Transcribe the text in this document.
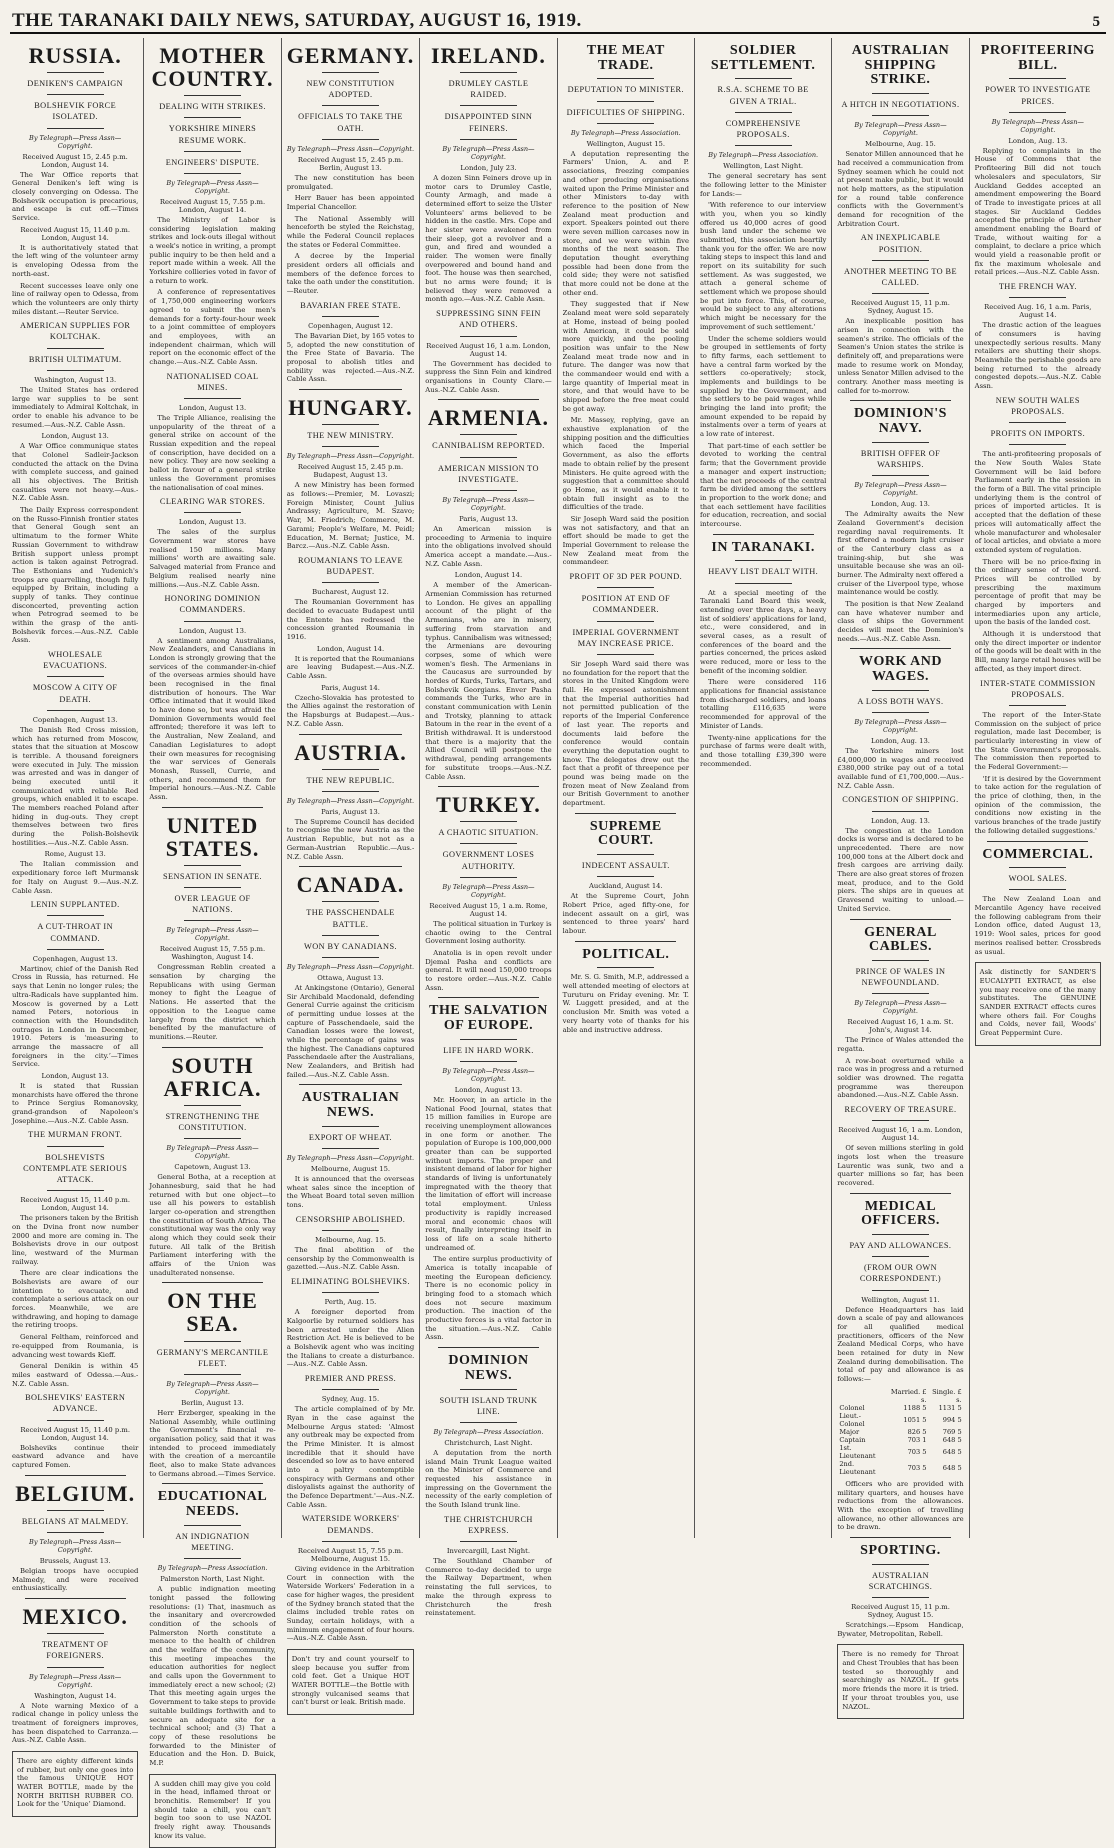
THE TARANAKI DAILY NEWS, SATURDAY, AUGUST 16, 1919.	5
RUSSIA.
DENIKEN'S CAMPAIGN
BOLSHEVIK FORCE ISOLATED.

By Telegraph—Press Assn—Copyright.

Received August 15, 2.45 p.m. London, August 14.

The War Office reports that General Deniken's left wing is closely converging on Odessa. The Bolshevik occupation is precarious, and escape is cut off.—Times Service.

Received August 15, 11.40 p.m. London, August 14.

It is authoritatively stated that the left wing of the volunteer army is enveloping Odessa from the north-east.

Recent successes leave only one line of railway open to Odessa, from which the volunteers are only thirty miles distant.—Reuter Service.

AMERICAN SUPPLIES FOR KOLTCHAK.
BRITISH ULTIMATUM.

Washington, August 13.

The United States has ordered large war supplies to be sent immediately to Admiral Koltchak, in order to enable his advance to be resumed.—Aus.-N.Z. Cable Assn.

London, August 13.

A War Office communique states that Colonel Sadleir-Jackson conducted the attack on the Dvina with complete success, and gained all his objectives. The British casualties were not heavy.—Aus.-N.Z. Cable Assn.

The Daily Express correspondent on the Russo-Finnish frontier states that General Gough sent an ultimatum to the former White Russian Government to withdraw British support unless prompt action is taken against Petrograd. The Esthonians and Yudenich's troops are quarrelling, though fully equipped by Britain, including a supply of tanks. They continue disconcerted, preventing action when Petrograd seemed to be within the grasp of the anti-Bolshevik forces.—Aus.-N.Z. Cable Assn.

WHOLESALE EVACUATIONS.
MOSCOW A CITY OF DEATH.

Copenhagen, August 13.

The Danish Red Cross mission, which has returned from Moscow, states that the situation at Moscow is terrible. A thousand foreigners were executed in July. The mission was arrested and was in danger of being executed until it communicated with reliable Red groups, which enabled it to escape. The members reached Poland after hiding in dug-outs. They crept themselves between two fires during the Polish-Bolshevik hostilities.—Aus.-N.Z. Cable Assn.

Rome, August 13.

The Italian commission and expeditionary force left Murmansk for Italy on August 9.—Aus.-N.Z. Cable Assn.

LENIN SUPPLANTED.
A CUT-THROAT IN COMMAND.

Copenhagen, August 13.

Martinov, chief of the Danish Red Cross in Russia, has returned. He says that Lenin no longer rules; the ultra-Radicals have supplanted him. Moscow is governed by a Lett named Peters, notorious in connection with the Houndsditch outrages in London in December, 1910. Peters is ‘measuring to arrange the massacre of all foreigners in the city.’—Times Service.

London, August 13.

It is stated that Russian monarchists have offered the throne to Prince Sergius Romanovsky, grand-grandson of Napoleon's Josephine.—Aus.-N.Z. Cable Assn.

THE MURMAN FRONT.
BOLSHEVISTS CONTEMPLATE SERIOUS ATTACK.

Received August 15, 11.40 p.m. London, August 14.

The prisoners taken by the British on the Dvina front now number 2000 and more are coming in. The Bolshevists drove in our outpost line, westward of the Murman railway.

There are clear indications the Bolshevists are aware of our intention to evacuate, and contemplate a serious attack on our forces. Meanwhile, we are withdrawing, and hoping to damage the retiring troops.

General Feltham, reinforced and re-equipped from Roumania, is advancing west towards Kieff.

General Denikin is within 45 miles eastward of Odessa.—Aus.-N.Z. Cable Assn.

BOLSHEVIKS' EASTERN ADVANCE.

Received August 15, 11.40 p.m. London, August 14.

Bolsheviks continue their eastward advance and have captured Fomen.

BELGIUM.
BELGIANS AT MALMEDY.

By Telegraph—Press Assn—Copyright.

Brussels, August 13.

Belgian troops have occupied Malmedy, and were received enthusiastically.

MEXICO.
TREATMENT OF FOREIGNERS.

By Telegraph—Press Assn—Copyright.

Washington, August 14.

A Note warning Mexico of a radical change in policy unless the treatment of foreigners improves, has been dispatched to Carranza.—Aus.-N.Z. Cable Assn.

There are eighty different kinds of rubber, but only one goes into the famous UNIQUE HOT WATER BOTTLE, made by the NORTH BRITISH RUBBER CO. Look for the ‘Unique’ Diamond.

MOTHER COUNTRY.
DEALING WITH STRIKES.
YORKSHIRE MINERS RESUME WORK.
ENGINEERS' DISPUTE.

By Telegraph—Press Assn—Copyright.

Received August 15, 7.55 p.m. London, August 14.

The Ministry of Labor is considering legislation making strikes and lock-outs illegal without a week's notice in writing, a prompt public inquiry to be then held and a report made within a week. All the Yorkshire collieries voted in favor of a return to work.

A conference of representatives of 1,750,000 engineering workers agreed to submit the men's demands for a forty-four-hour week to a joint committee of employers and employees, with an independent chairman, which will report on the economic effect of the change.—Aus.-N.Z. Cable Assn.

NATIONALISED COAL MINES.

London, August 13.

The Triple Alliance, realising the unpopularity of the threat of a general strike on account of the Russian expedition and the repeal of conscription, have decided on a new policy. They are now seeking a ballot in favour of a general strike unless the Government promises the nationalisation of coal mines.

CLEARING WAR STORES.

London, August 13.

The sales of the surplus Government war stores have realised 150 millions. Many millions' worth are awaiting sale. Salvaged material from France and Belgium realised nearly nine millions.—Aus.-N.Z. Cable Assn.

HONORING DOMINION COMMANDERS.

London, August 13.

A sentiment among Australians, New Zealanders, and Canadians in London is strongly growing that the services of the commander-in-chief of the overseas armies should have been recognised in the final distribution of honours. The War Office intimated that it would liked to have done so, but was afraid the Dominion Governments would feel affronted; therefore it was left to the Australian, New Zealand, and Canadian Legislatures to adopt their own measures for recognising the war services of Generals Monash, Russell, Currie, and others, and recommend them for Imperial honours.—Aus.-N.Z. Cable Assn.

UNITED STATES.
SENSATION IN SENATE.
OVER LEAGUE OF NATIONS.

By Telegraph—Press Assn—Copyright.

Received August 15, 7.55 p.m. Washington, August 14.

Congressman Reblin created a sensation by charging the Republicans with using German money to fight the League of Nations. He asserted that the opposition to the League came largely from the district which benefited by the manufacture of munitions.—Reuter.

SOUTH AFRICA.
STRENGTHENING THE CONSTITUTION.

By Telegraph—Press Assn—Copyright.

Capetown, August 13.

General Botha, at a reception at Johannesburg, said that he had returned with but one object—to use all his powers to establish larger co-operation and strengthen the constitution of South Africa. The constitutional way was the only way along which they could seek their future. All talk of the British Parliament interfering with the affairs of the Union was unadulterated nonsense.

ON THE SEA.
GERMANY'S MERCANTILE FLEET.

By Telegraph—Press Assn—Copyright.

Berlin, August 13.

Herr Erzberger, speaking in the National Assembly, while outlining the Government's financial re-organisation policy, said that it was intended to proceed immediately with the creation of a mercantile fleet, also to make State advances to Germans abroad.—Times Service.

EDUCATIONAL NEEDS.
AN INDIGNATION MEETING.

By Telegraph—Press Association.

Palmerston North, Last Night.

A public indignation meeting tonight passed the following resolutions: (1) That, inasmuch as the insanitary and overcrowded condition of the schools of Palmerston North constitute a menace to the health of children and the welfare of the community, this meeting impeaches the education authorities for neglect and calls upon the Government to immediately erect a new school; (2) That this meeting again urges the Government to take steps to provide suitable buildings forthwith and to secure an adequate site for a technical school; and (3) That a copy of these resolutions be forwarded to the Minister of Education and the Hon. D. Buick, M.P.

A sudden chill may give you cold in the head, inflamed throat or bronchitis. Remember! If you should take a chill, you can't begin too soon to use NAZOL freely right away. Thousands know its value.

GERMANY.
NEW CONSTITUTION ADOPTED.
OFFICIALS TO TAKE THE OATH.

By Telegraph—Press Assn—Copyright.

Received August 15, 2.45 p.m. Berlin, August 13.

The new constitution has been promulgated.

Herr Bauer has been appointed Imperial Chancellor.

The National Assembly will henceforth be styled the Reichstag, while the Federal Council replaces the states or Federal Committee.

A decree by the Imperial president orders all officials and members of the defence forces to take the oath under the constitution.—Reuter.

BAVARIAN FREE STATE.

Copenhagen, August 12.

The Bavarian Diet, by 165 votes to 5, adopted the new constitution of the Free State of Bavaria. The proposal to abolish titles and nobility was rejected.—Aus.-N.Z. Cable Assn.

HUNGARY.
THE NEW MINISTRY.

By Telegraph—Press Assn—Copyright.

Received August 15, 2.45 p.m. Budapest, August 13.

A new Ministry has been formed as follows:—Premier, M. Lovaszi; Foreign Minister, Count Julius Andrassy; Agriculture, M. Szavo; War, M. Friedrich; Commerce, M. Garami; People's Welfare, M. Peidl; Education, M. Bernat; Justice, M. Barcz.—Aus.-N.Z. Cable Assn.

ROUMANIANS TO LEAVE BUDAPEST.

Bucharest, August 12.

The Roumanian Government has decided to evacuate Budapest until the Entente has redressed the concession granted Roumania in 1916.

London, August 14.

It is reported that the Roumanians are leaving Budapest.—Aus.-N.Z. Cable Assn.

Paris, August 14.

Czecho-Slovakia has protested to the Allies against the restoration of the Hapsburgs at Budapest.—Aus.-N.Z. Cable Assn.

AUSTRIA.
THE NEW REPUBLIC.

By Telegraph—Press Assn—Copyright.

Paris, August 13.

The Supreme Council has decided to recognise the new Austria as the Austrian Republic, but not as a German-Austrian Republic.—Aus.-N.Z. Cable Assn.

CANADA.
THE PASSCHENDALE BATTLE.
WON BY CANADIANS.

By Telegraph—Press Assn—Copyright.

Ottawa, August 13.

At Ankingstone (Ontario), General Sir Archibald Macdonald, defending General Currie against the criticism of permitting undue losses at the capture of Passchendaele, said the Canadian losses were the lowest, while the percentage of gains was the highest. The Canadians captured Passchendaele after the Australians, New Zealanders, and British had failed.—Aus.-N.Z. Cable Assn.

AUSTRALIAN NEWS.
EXPORT OF WHEAT.

By Telegraph—Press Assn—Copyright.

Melbourne, August 15.

It is announced that the overseas wheat sales since the inception of the Wheat Board total seven million tons.

CENSORSHIP ABOLISHED.

Melbourne, Aug. 15.

The final abolition of the censorship by the Commonwealth is gazetted.—Aus.-N.Z. Cable Assn.

ELIMINATING BOLSHEVIKS.

Perth, Aug. 15.

A foreigner deported from Kalgoorlie by returned soldiers has been arrested under the Alien Restriction Act. He is believed to be a Bolshevik agent who was inciting the Italians to create a disturbance.—Aus.-N.Z. Cable Assn.

PREMIER AND PRESS.

Sydney, Aug. 15.

The article complained of by Mr. Ryan in the case against the Melbourne Argus stated: 'Almost any outbreak may be expected from the Prime Minister. It is almost incredible that it should have descended so low as to have entered into a paltry contemptible conspiracy with Germans and other disloyalists against the authority of the Defence Department.'—Aus.-N.Z. Cable Assn.

WATERSIDE WORKERS' DEMANDS.

Received August 15, 7.55 p.m. Melbourne, August 15.

Giving evidence in the Arbitration Court in connection with the Waterside Workers' Federation in a case for higher wages, the president of the Sydney branch stated that the claims included treble rates on Sunday, certain holidays, with a minimum engagement of four hours.—Aus.-N.Z. Cable Assn.

Don't try and count yourself to sleep because you suffer from cold feet. Get a Unique HOT WATER BOTTLE—the Bottle with strongly vulcanised seams that can't burst or leak. British made.

IRELAND.
DRUMLEY CASTLE RAIDED.
DISAPPOINTED SINN FEINERS.

By Telegraph—Press Assn—Copyright.

London, July 23.

A dozen Sinn Feiners drove up in motor cars to Drumley Castle, County Armagh, and made a determined effort to seize the Ulster Volunteers' arms believed to be hidden in the castle. Mrs. Cope and her sister were awakened from their sleep, got a revolver and a gun, and fired and wounded a raider. The women were finally overpowered and bound hand and foot. The house was then searched, but no arms were found; it is believed they were removed a month ago.—Aus.-N.Z. Cable Assn.

SUPPRESSING SINN FEIN AND OTHERS.

Received August 16, 1 a.m. London, August 14.

The Government has decided to suppress the Sinn Fein and kindred organisations in County Clare.—Aus.-N.Z. Cable Assn.

ARMENIA.
CANNIBALISM REPORTED.
AMERICAN MISSION TO INVESTIGATE.

By Telegraph—Press Assn—Copyright.

Paris, August 13.

An American mission is proceeding to Armenia to inquire into the obligations involved should America accept a mandate.—Aus.-N.Z. Cable Assn.

London, August 14.

A member of the American-Armenian Commission has returned to London. He gives an appalling account of the plight of the Armenians, who are in misery, suffering from starvation and typhus. Cannibalism was witnessed; the Armenians are devouring corpses, some of which were women's flesh. The Armenians in the Caucasus are surrounded by hordes of Kurds, Turks, Tartars, and Bolshevik Georgians. Enver Pasha commands the Turks, who are in constant communication with Lenin and Trotsky, planning to attack Batoum in the rear in the event of a British withdrawal. It is understood that there is a majority that the Allied Council will postpone the withdrawal, pending arrangements for substitute troops.—Aus.-N.Z. Cable Assn.

TURKEY.
A CHAOTIC SITUATION.
GOVERNMENT LOSES AUTHORITY.

By Telegraph—Press Assn—Copyright.

Received August 15, 1 a.m. Rome, August 14.

The political situation in Turkey is chaotic owing to the Central Government losing authority.

Anatolia is in open revolt under Djemal Pasha and conflicts are general. It will need 150,000 troops to restore order.—Aus.-N.Z. Cable Assn.

THE SALVATION OF EUROPE.
LIFE IN HARD WORK.

By Telegraph—Press Assn—Copyright.

London, August 13.

Mr. Hoover, in an article in the National Food Journal, states that 15 million families in Europe are receiving unemployment allowances in one form or another. The population of Europe is 100,000,000 greater than can be supported without imports. The proper and insistent demand of labor for higher standards of living is unfortunately impregnated with the theory that the limitation of effort will increase total employment. Unless productivity is rapidly increased moral and economic chaos will result, finally interpreting itself in loss of life on a scale hitherto undreamed of.

The entire surplus productivity of America is totally incapable of meeting the European deficiency. There is no economic policy in bringing food to a stomach which does not secure maximum production. The inaction of the productive forces is a vital factor in the situation.—Aus.-N.Z. Cable Assn.

DOMINION NEWS.
SOUTH ISLAND TRUNK LINE.

By Telegraph—Press Association.

Christchurch, Last Night.

A deputation from the north island Main Trunk League waited on the Minister of Commerce and requested his assistance in impressing on the Government the necessity of the early completion of the South Island trunk line.

THE CHRISTCHURCH EXPRESS.

Invercargill, Last Night.

The Southland Chamber of Commerce to-day decided to urge the Railway Department, when reinstating the full services, to make the through express to Christchurch the fresh reinstatement.

THE MEAT TRADE.
DEPUTATION TO MINISTER.
DIFFICULTIES OF SHIPPING.

By Telegraph—Press Association.

Wellington, August 15.

A deputation representing the Farmers' Union, A. and P. associations, freezing companies and other producing organisations waited upon the Prime Minister and other Ministers to-day with reference to the position of New Zealand meat production and export. Speakers pointed out there were seven million carcases now in store, and we were within five months of the next season. The deputation thought everything possible had been done from the cold side; they were not satisfied that more could not be done at the other end.

They suggested that if New Zealand meat were sold separately at Home, instead of being pooled with American, it could be sold more quickly, and the pooling position was unfair to the New Zealand meat trade now and in future. The danger was now that the commandeer would end with a large quantity of Imperial meat in store, and that would have to be shipped before the free meat could be got away.

Mr. Massey, replying, gave an exhaustive explanation of the shipping position and the difficulties which faced the Imperial Government, as also the efforts made to obtain relief by the present Ministers. He quite agreed with the suggestion that a committee should go Home, as it would enable it to obtain full insight as to the difficulties of the trade.

Sir Joseph Ward said the position was not satisfactory, and that an effort should be made to get the Imperial Government to release the New Zealand meat from the commandeer.

PROFIT OF 3D PER POUND.
POSITION AT END OF COMMANDEER.
IMPERIAL GOVERNMENT MAY INCREASE PRICE.

Sir Joseph Ward said there was no foundation for the report that the stores in the United Kingdom were full. He expressed astonishment that the Imperial authorities had not permitted publication of the reports of the Imperial Conference of last year. The reports and documents laid before the conference would contain everything the deputation ought to know. The delegates drew out the fact that a profit of threepence per pound was being made on the frozen meat of New Zealand from our British Government to another department.

SUPREME COURT.
INDECENT ASSAULT.

Auckland, August 14.

At the Supreme Court, John Robert Price, aged fifty-one, for indecent assault on a girl, was sentenced to three years' hard labour.

POLITICAL.

Mr. S. G. Smith, M.P., addressed a well attended meeting of electors at Turuturu on Friday evening. Mr. T. W. Luggett presided, and at the conclusion Mr. Smith was voted a very hearty vote of thanks for his able and instructive address.

SOLDIER SETTLEMENT.
R.S.A. SCHEME TO BE GIVEN A TRIAL.
COMPREHENSIVE PROPOSALS.

By Telegraph—Press Association.

Wellington, Last Night.

The general secretary has sent the following letter to the Minister for Lands:—

'With reference to our interview with you, when you so kindly offered us 40,000 acres of good bush land under the scheme we submitted, this association heartily thank you for the offer. We are now taking steps to inspect this land and report on its suitability for such settlement. As was suggested, we attach a general scheme of settlement which we propose should be put into force. This, of course, would be subject to any alterations which might be necessary for the improvement of such settlement.'

Under the scheme soldiers would be grouped in settlements of forty to fifty farms, each settlement to have a central farm worked by the settlers co-operatively; stock, implements and buildings to be supplied by the Government, and the settlers to be paid wages while bringing the land into profit; the amount expended to be repaid by instalments over a term of years at a low rate of interest.

That part-time of each settler be devoted to working the central farm; that the Government provide a manager and expert instruction; that the net proceeds of the central farm be divided among the settlers in proportion to the work done; and that each settlement have facilities for education, recreation, and social intercourse.

IN TARANAKI.
HEAVY LIST DEALT WITH.

At a special meeting of the Taranaki Land Board this week, extending over three days, a heavy list of soldiers' applications for land, etc., were considered, and in several cases, as a result of conferences of the board and the parties concerned, the prices asked were reduced, more or less to the benefit of the incoming soldier.

There were considered 116 applications for financial assistance from discharged soldiers, and loans totalling £116,635 were recommended for approval of the Minister of Lands.

Twenty-nine applications for the purchase of farms were dealt with, and those totalling £39,390 were recommended.

AUSTRALIAN SHIPPING STRIKE.
A HITCH IN NEGOTIATIONS.

By Telegraph—Press Assn—Copyright.

Melbourne, Aug. 15.

Senator Millen announced that he had received a communication from Sydney seamen which he could not at present make public, but it would not help matters, as the stipulation for a round table conference conflicts with the Government's demand for recognition of the Arbitration Court.

AN INEXPLICABLE POSITION.
ANOTHER MEETING TO BE CALLED.

Received August 15, 11 p.m. Sydney, August 15.

An inexplicable position has arisen in connection with the seamen's strike. The officials of the Seamen's Union states the strike is definitely off, and preparations were made to resume work on Monday, unless Senator Millen advised to the contrary. Another mass meeting is called for to-morrow.

DOMINION'S NAVY.
BRITISH OFFER OF WARSHIPS.

By Telegraph—Press Assn—Copyright.

London, Aug. 13.

The Admiralty awaits the New Zealand Government's decision regarding naval requirements. It first offered a modern light cruiser of the Canterbury class as a training-ship, but she was unsuitable because she was an oil-burner. The Admiralty next offered a cruiser of the Liverpool type, whose maintenance would be costly.

The position is that New Zealand can have whatever number and class of ships the Government decides will meet the Dominion's needs.—Aus.-N.Z. Cable Assn.

WORK AND WAGES.
A LOSS BOTH WAYS.

By Telegraph—Press Assn—Copyright.

London, Aug. 13.

The Yorkshire miners lost £4,000,000 in wages and received £380,000 strike pay out of a total available fund of £1,700,000.—Aus.-N.Z. Cable Assn.

CONGESTION OF SHIPPING.

London, Aug. 13.

The congestion at the London docks is worse and is declared to be unprecedented. There are now 100,000 tons at the Albert dock and fresh cargoes are arriving daily. There are also great stores of frozen meat, produce, and to the Gold piers. The ships are in queues at Gravesend waiting to unload.—United Service.

GENERAL CABLES.
PRINCE OF WALES IN NEWFOUNDLAND.

By Telegraph—Press Assn—Copyright.

Received August 16, 1 a.m. St. John's, August 14.

The Prince of Wales attended the regatta.

A row-boat overturned while a race was in progress and a returned soldier was drowned. The regatta programme was thereupon abandoned.—Aus.-N.Z. Cable Assn.

RECOVERY OF TREASURE.

Received August 16, 1 a.m. London, August 14.

Of seven millions sterling in gold ingots lost when the treasure Laurentic was sunk, two and a quarter millions so far, has been recovered.

MEDICAL OFFICERS.
PAY AND ALLOWANCES.
(FROM OUR OWN CORRESPONDENT.)

Wellington, August 11.

Defence Headquarters has laid down a scale of pay and allowances for all qualified medical practitioners, officers of the New Zealand Medical Corps, who have been retained for duty in New Zealand during demobilisation. The total of pay and allowance is as follows:—

	Married. £ s.	Single. £ s.
Colonel	1188 5	1131 5
Lieut.-Colonel	1051 5	994 5
Major	826 5	769 5
Captain	703 1	648 5
1st. Lieutenant	703 5	648 5
2nd. Lieutenant	703 5	648 5

Officers who are provided with military quarters, and houses have reductions from the allowances. With the exception of travelling allowance, no other allowances are to be drawn.

SPORTING.
AUSTRALIAN SCRATCHINGS.

Received August 15, 11 p.m. Sydney, August 15.

Scratchings.—Epsom Handicap, Bywater, Metropolitan, Rebell.

There is no remedy for Throat and Chest Troubles that has been tested so thoroughly and searchingly as NAZOL. If gets more friends the more it is tried. If your throat troubles you, use NAZOL.

PROFITEERING BILL.
POWER TO INVESTIGATE PRICES.

By Telegraph—Press Assn—Copyright.

London, Aug. 13.

Replying to complaints in the House of Commons that the Profiteering Bill did not touch wholesalers and speculators, Sir Auckland Geddes accepted an amendment empowering the Board of Trade to investigate prices at all stages. Sir Auckland Geddes accepted the principle of a further amendment enabling the Board of Trade, without waiting for a complaint, to declare a price which would yield a reasonable profit or fix the maximum wholesale and retail prices.—Aus.-N.Z. Cable Assn.

THE FRENCH WAY.

Received Aug. 16, 1 a.m. Paris, August 14.

The drastic action of the leagues of consumers is having unexpectedly serious results. Many retailers are shutting their shops. Meanwhile the perishable goods are being returned to the already congested depots.—Aus.-N.Z. Cable Assn.

NEW SOUTH WALES PROPOSALS.
PROFITS ON IMPORTS.

The anti-profiteering proposals of the New South Wales State Government will be laid before Parliament early in the session in the form of a Bill. The vital principle underlying them is the control of prices of imported articles. It is accepted that the deflation of these prices will automatically affect the whole manufacturer and wholesaler of local articles, and obviate a more extended system of regulation.

There will be no price-fixing in the ordinary sense of the word. Prices will be controlled by prescribing the maximum percentage of profit that may be charged by importers and intermediaries upon any article, upon the basis of the landed cost.

Although it is understood that only the direct importer or indentor of the goods will be dealt with in the Bill, many large retail houses will be affected, as they import direct.

INTER-STATE COMMISSION PROPOSALS.

The report of the Inter-State Commission on the subject of price regulation, made last December, is particularly interesting in view of the State Government's proposals. The commission then reported to the Federal Government:—

'If it is desired by the Government to take action for the regulation of the price of clothing, then, in the opinion of the commission, the conditions now existing in the various branches of the trade justify the following detailed suggestions.'

COMMERCIAL.
WOOL SALES.

The New Zealand Loan and Mercantile Agency have received the following cablegram from their London office, dated August 13, 1919: Wool sales, prices for good merinos realised better. Crossbreds as usual.

Ask distinctly for SANDER'S EUCALYPTI EXTRACT, as else you may receive one of the many substitutes. The GENUINE SANDER EXTRACT effects cures where others fail. For Coughs and Colds, never fail, Woods' Great Peppermint Cure.
